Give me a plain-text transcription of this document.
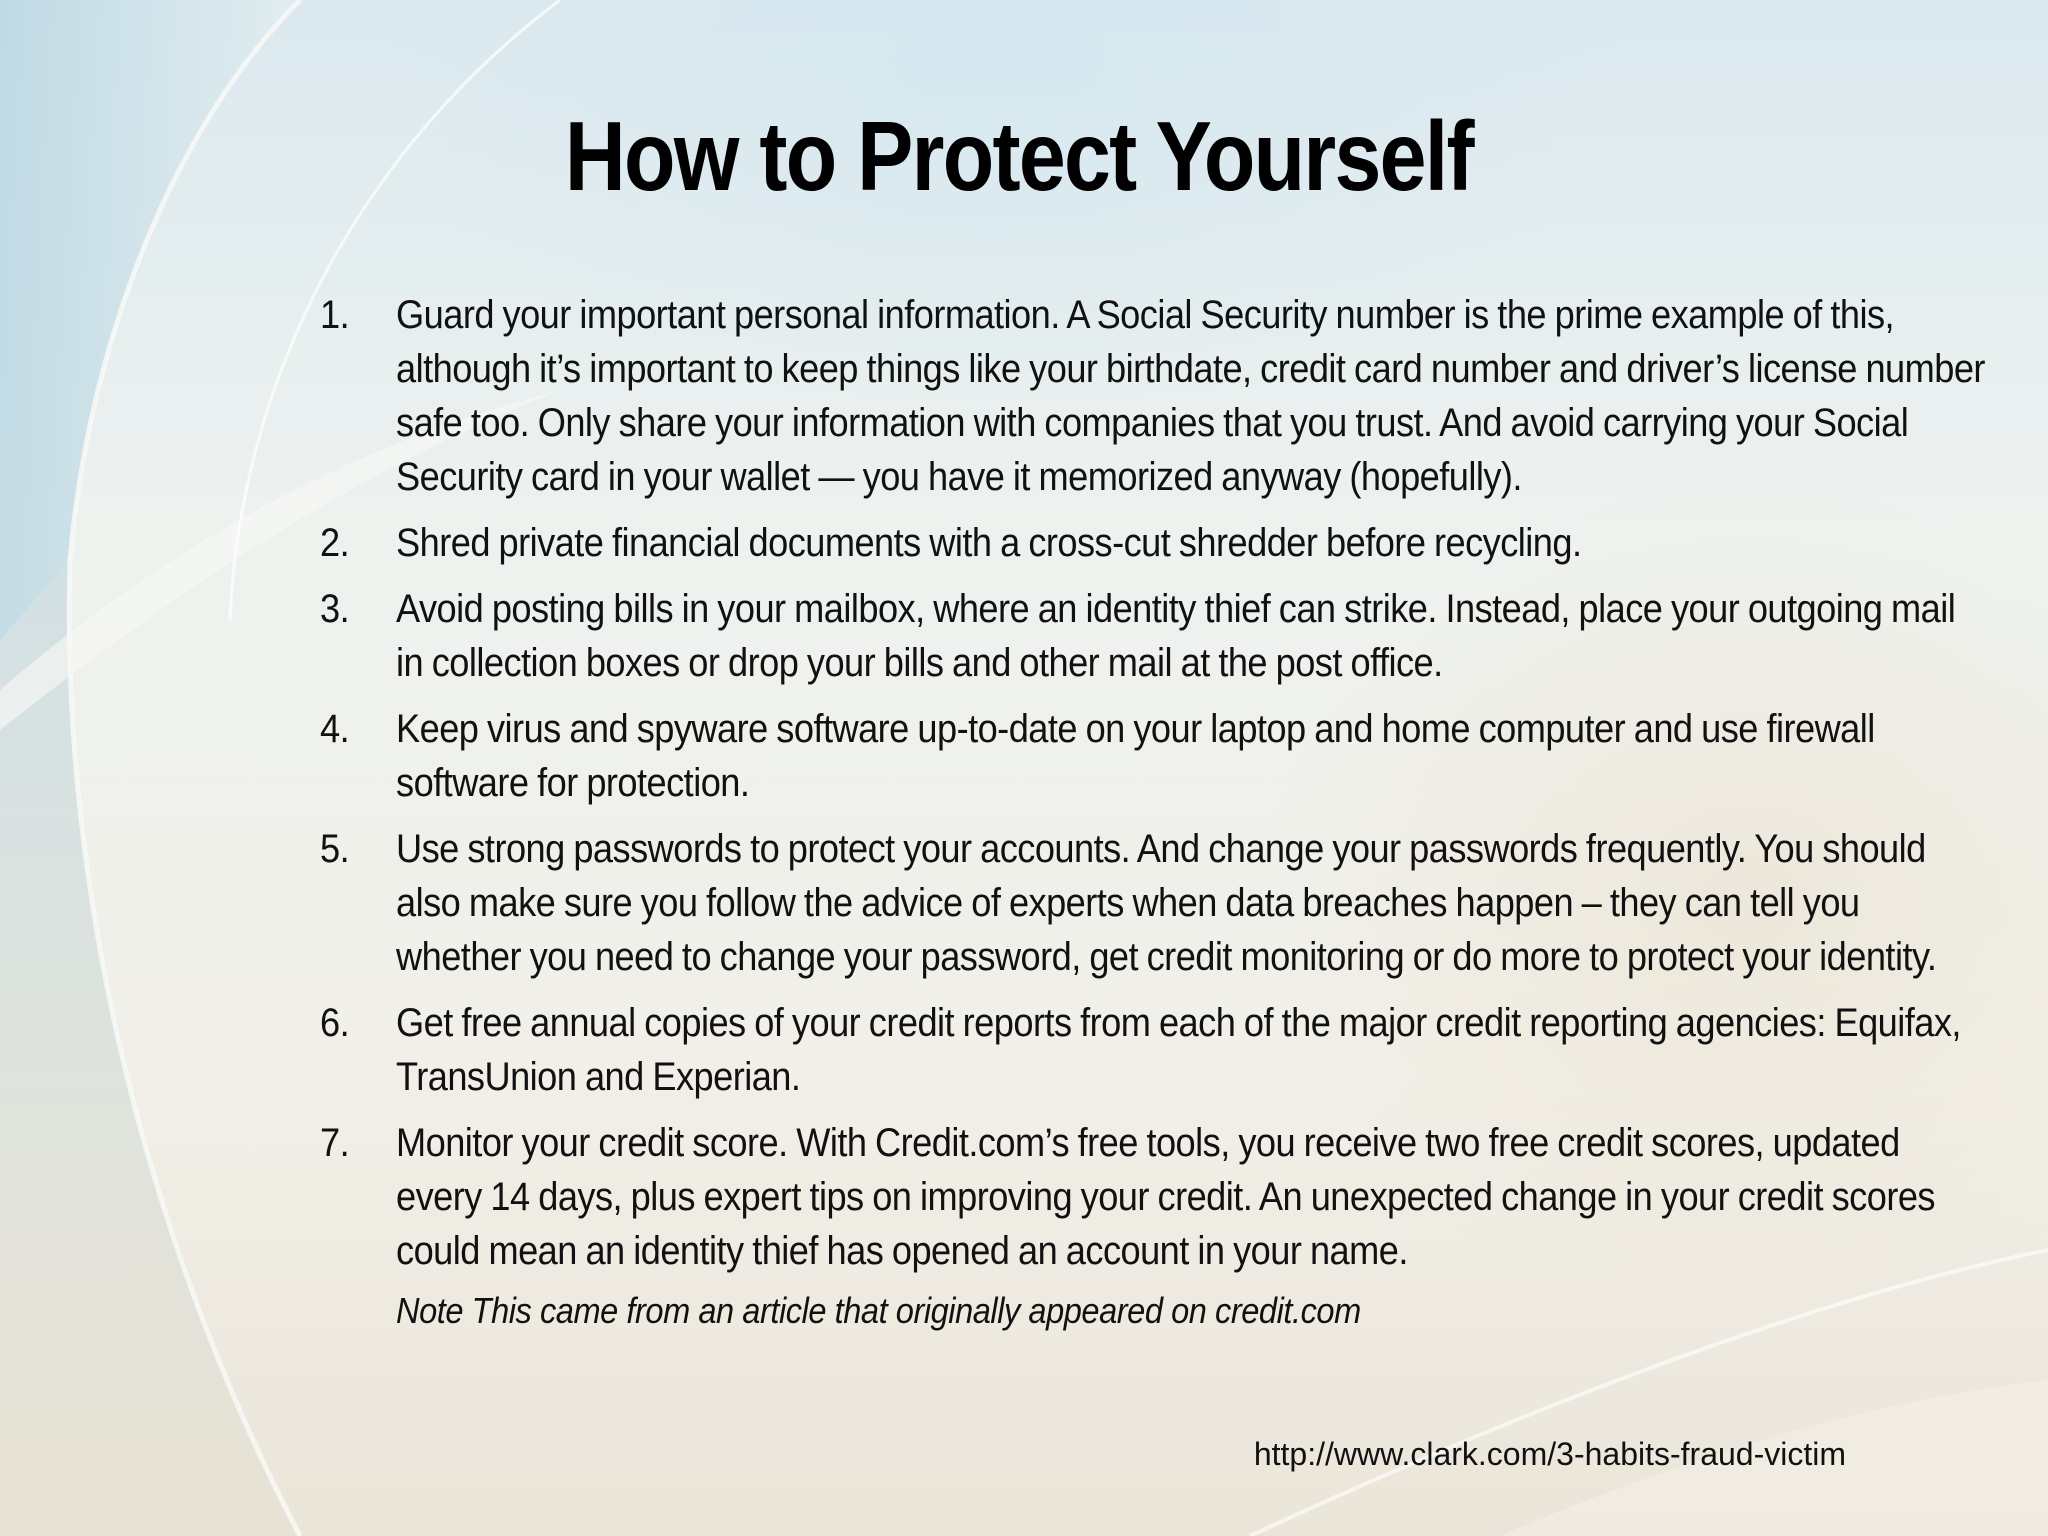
How to Protect Yourself
1. Guard your important personal information. A Social Security number is the prime example of this, although it’s important to keep things like your birthdate, credit card number and driver’s license number safe too. Only share your information with companies that you trust. And avoid carrying your Social Security card in your wallet — you have it memorized anyway (hopefully).
2. Shred private financial documents with a cross-cut shredder before recycling.
3. Avoid posting bills in your mailbox, where an identity thief can strike. Instead, place your outgoing mail in collection boxes or drop your bills and other mail at the post office.
4. Keep virus and spyware software up-to-date on your laptop and home computer and use firewall software for protection.
5. Use strong passwords to protect your accounts. And change your passwords frequently. You should also make sure you follow the advice of experts when data breaches happen – they can tell you whether you need to change your password, get credit monitoring or do more to protect your identity.
6. Get free annual copies of your credit reports from each of the major credit reporting agencies: Equifax, TransUnion and Experian.
7. Monitor your credit score. With Credit.com’s free tools, you receive two free credit scores, updated every 14 days, plus expert tips on improving your credit. An unexpected change in your credit scores could mean an identity thief has opened an account in your name.
Note This came from an article that originally appeared on credit.com
http://www.clark.com/3-habits-fraud-victim
